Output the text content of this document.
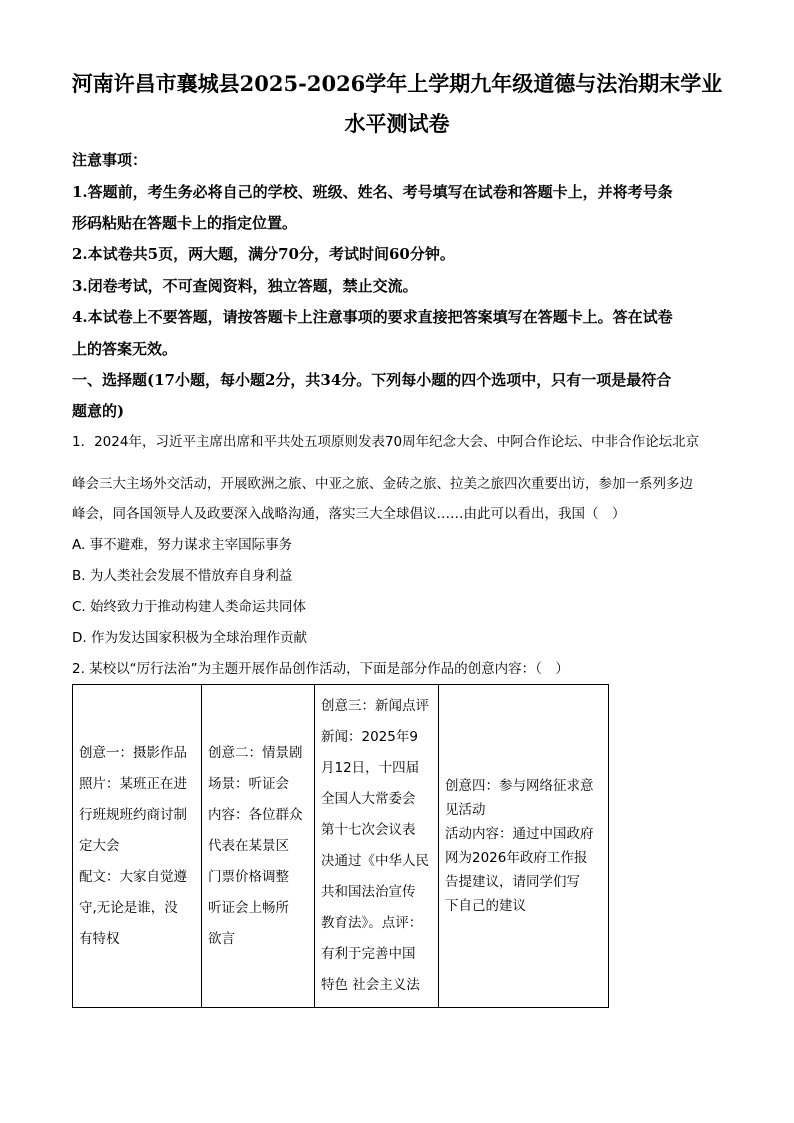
河南许昌市襄城县2025-2026学年上学期九年级道德与法治期末学业
水平测试卷
注意事项：
1.答题前，考生务必将自己的学校、班级、姓名、考号填写在试卷和答题卡上，并将考号条
形码粘贴在答题卡上的指定位置。
2.本试卷共5页，两大题，满分70分，考试时间60分钟。
3.闭卷考试，不可查阅资料，独立答题，禁止交流。
4.本试卷上不要答题，请按答题卡上注意事项的要求直接把答案填写在答题卡上。答在试卷
上的答案无效。
一、选择题(17小题，每小题2分，共34分。下列每小题的四个选项中，只有一项是最符合
题意的)
1．2024年，习近平主席出席和平共处五项原则发表70周年纪念大会、中阿合作论坛、中非合作论坛北京
峰会三大主场外交活动，开展欧洲之旅、中亚之旅、金砖之旅、拉美之旅四次重要出访，参加一系列多边
峰会，同各国领导人及政要深入战略沟通，落实三大全球倡议……由此可以看出，我国（　）
A. 事不避难，努力谋求主宰国际事务
B. 为人类社会发展不惜放弃自身利益
C. 始终致力于推动构建人类命运共同体
D. 作为发达国家积极为全球治理作贡献
2. 某校以“厉行法治”为主题开展作品创作活动，下面是部分作品的创意内容：（　）
创意一：摄影作品
照片：某班正在进
行班规班约商讨制
定大会
配文：大家自觉遵
守,无论是谁，没
有特权

创意二：情景剧
场景：听证会
内容：各位群众
代表在某景区
门票价格调整
听证会上畅所
欲言

创意三：新闻点评
新闻：2025年9
月12日，十四届
全国人大常委会
第十七次会议表
决通过《中华人民
共和国法治宣传
教育法》。点评：
有利于完善中国
特色 社会主义法

创意四：参与网络征求意
见活动
活动内容：通过中国政府
网为2026年政府工作报
告提建议，请同学们写
下自己的建议
